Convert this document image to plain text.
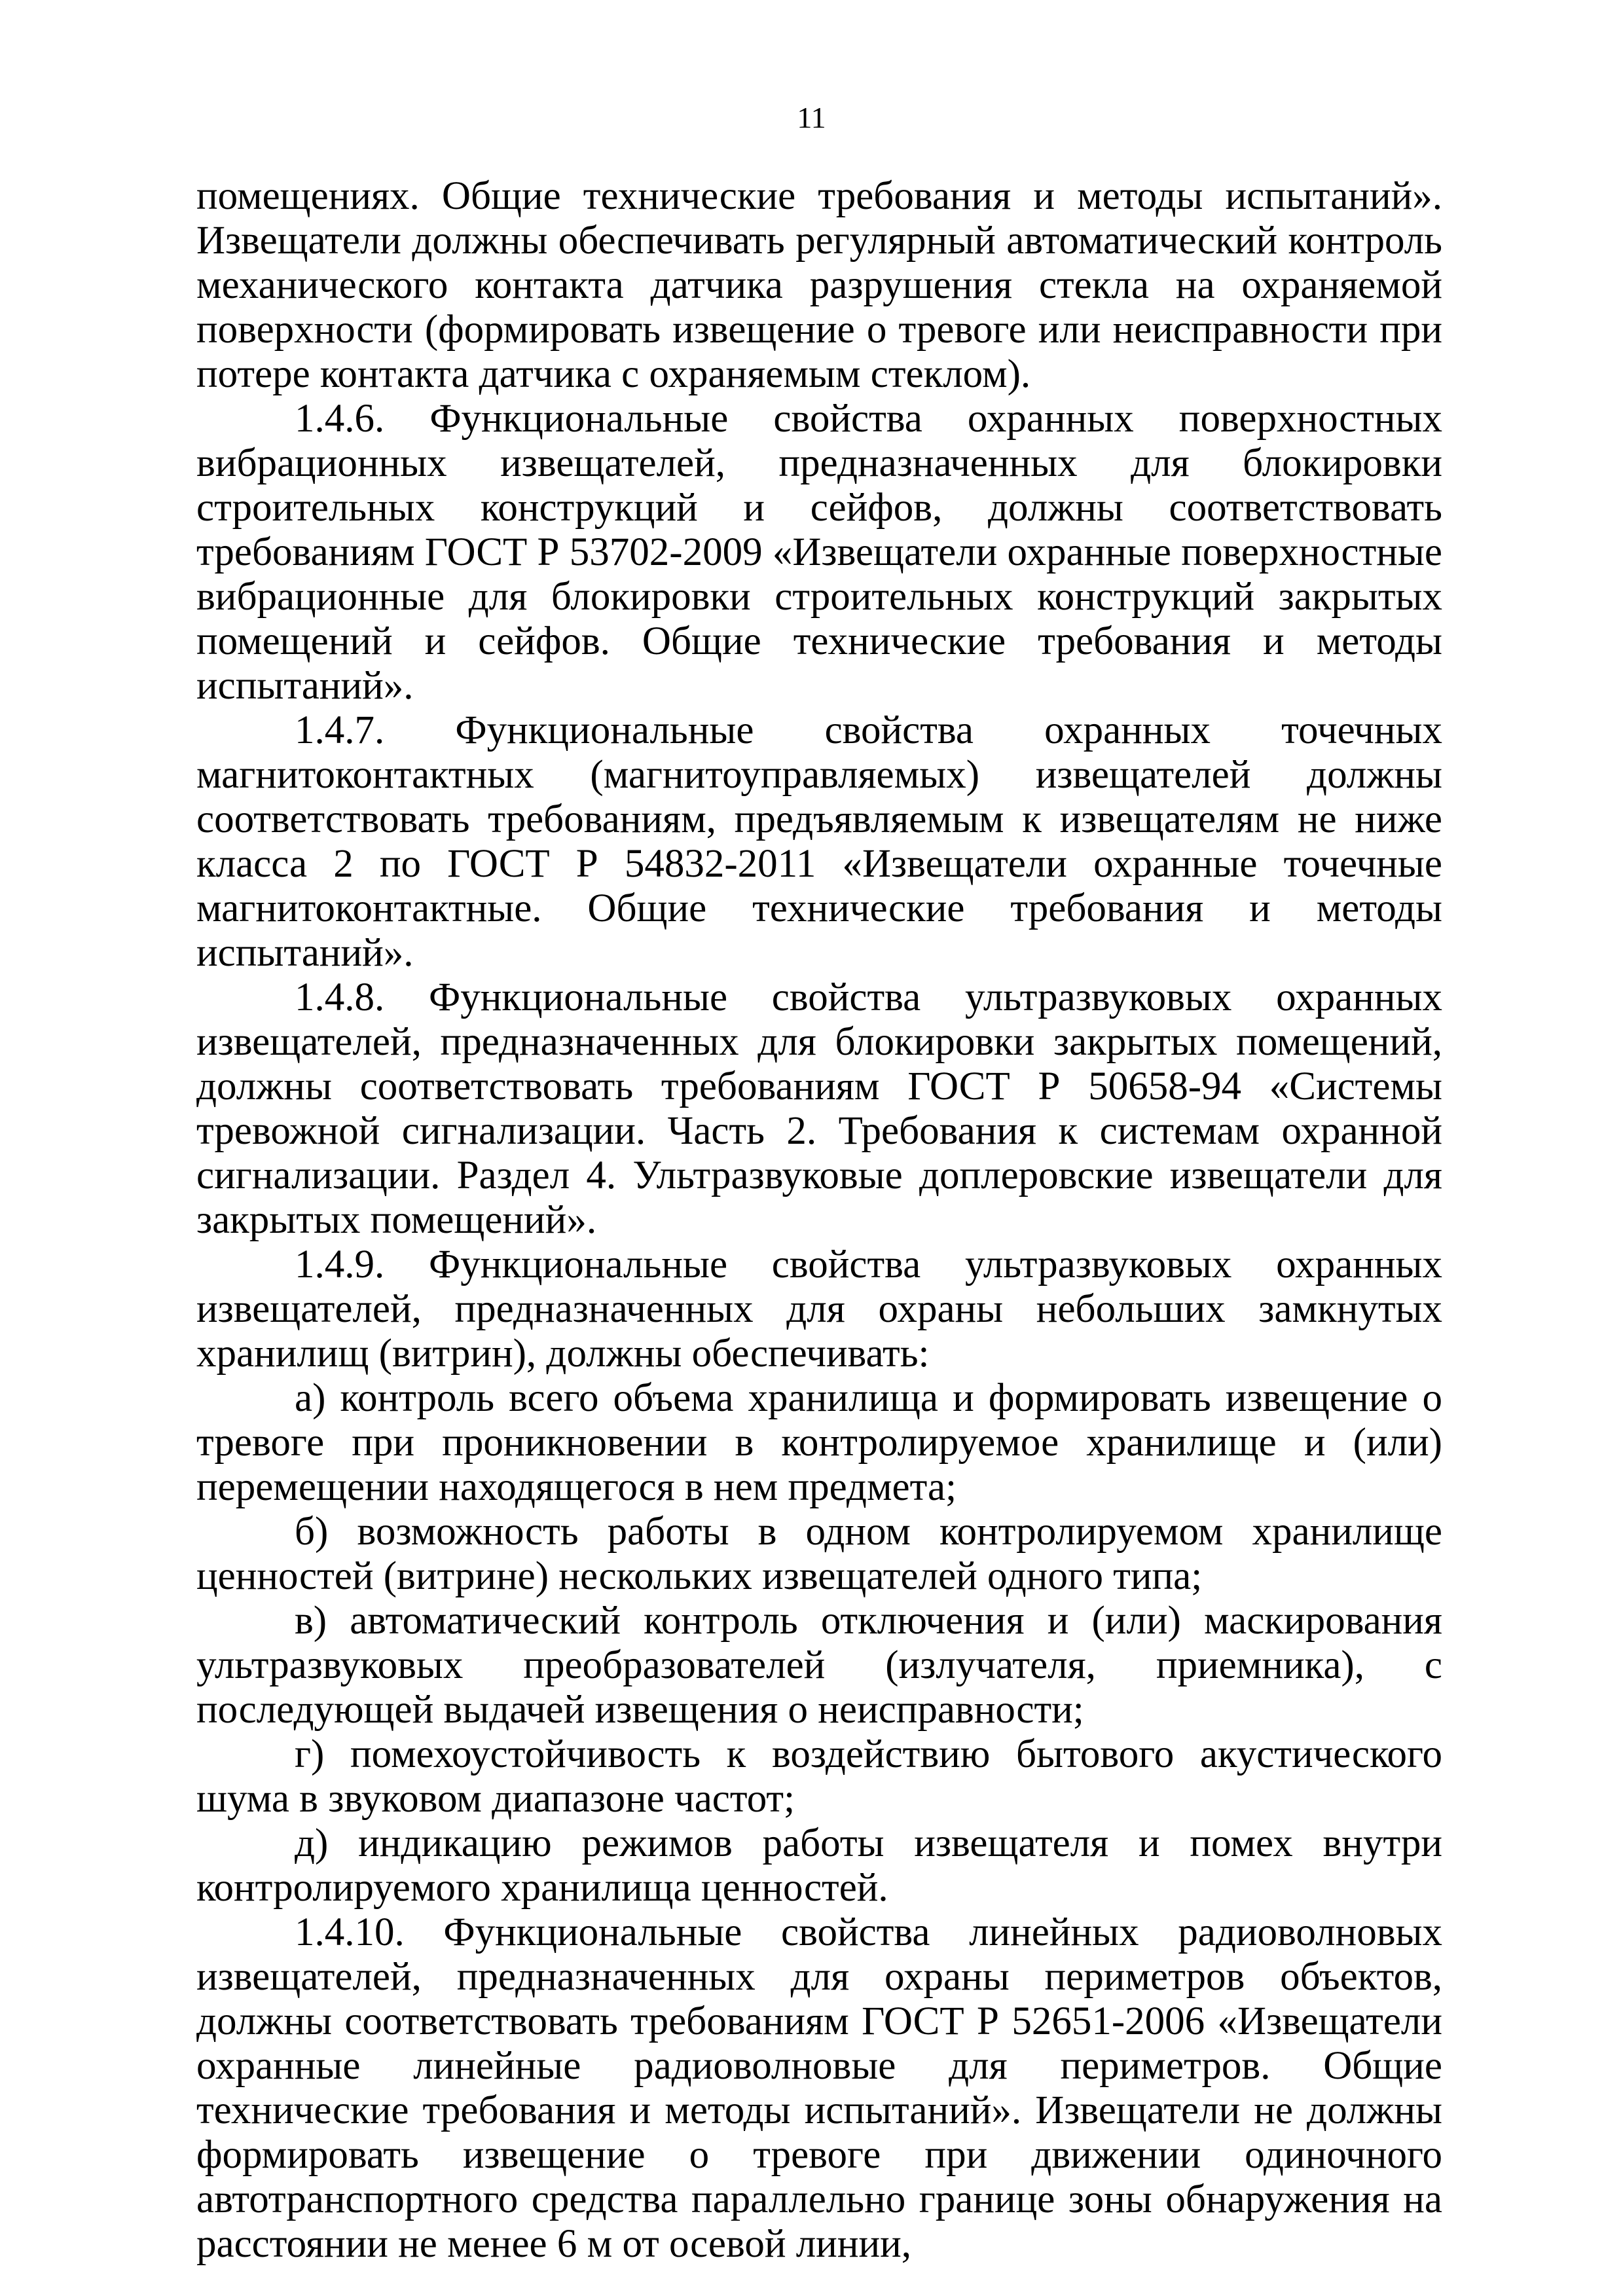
11

помещениях. Общие технические требования и методы испытаний». Извещатели должны обеспечивать регулярный автоматический контроль механического контакта датчика разрушения стекла на охраняемой поверхности (формировать извещение о тревоге или неисправности при потере контакта датчика с охраняемым стеклом).

1.4.6. Функциональные свойства охранных поверхностных вибрационных извещателей, предназначенных для блокировки строительных конструкций и сейфов, должны соответствовать требованиям ГОСТ Р 53702-2009 «Извещатели охранные поверхностные вибрационные для блокировки строительных конструкций закрытых помещений и сейфов. Общие технические требования и методы испытаний».

1.4.7. Функциональные свойства охранных точечных магнитоконтактных (магнитоуправляемых) извещателей должны соответствовать требованиям, предъявляемым к извещателям не ниже класса 2 по ГОСТ Р 54832-2011 «Извещатели охранные точечные магнитоконтактные. Общие технические требования и методы испытаний».

1.4.8. Функциональные свойства ультразвуковых охранных извещателей, предназначенных для блокировки закрытых помещений, должны соответствовать требованиям ГОСТ Р 50658-94 «Системы тревожной сигнализации. Часть 2. Требования к системам охранной сигнализации. Раздел 4. Ультразвуковые доплеровские извещатели для закрытых помещений».

1.4.9. Функциональные свойства ультразвуковых охранных извещателей, предназначенных для охраны небольших замкнутых хранилищ (витрин), должны обеспечивать:

а) контроль всего объема хранилища и формировать извещение о тревоге при проникновении в контролируемое хранилище и (или) перемещении находящегося в нем предмета;

б) возможность работы в одном контролируемом хранилище ценностей (витрине) нескольких извещателей одного типа;

в) автоматический контроль отключения и (или) маскирования ультразвуковых преобразователей (излучателя, приемника), с последующей выдачей извещения о неисправности;

г) помехоустойчивость к воздействию бытового акустического шума в звуковом диапазоне частот;

д) индикацию режимов работы извещателя и помех внутри контролируемого хранилища ценностей.

1.4.10. Функциональные свойства линейных радиоволновых извещателей, предназначенных для охраны периметров объектов, должны соответствовать требованиям ГОСТ Р 52651-2006 «Извещатели охранные линейные радиоволновые для периметров. Общие технические требования и методы испытаний». Извещатели не должны формировать извещение о тревоге при движении одиночного автотранспортного средства параллельно границе зоны обнаружения на расстоянии не менее 6 м от осевой линии,
